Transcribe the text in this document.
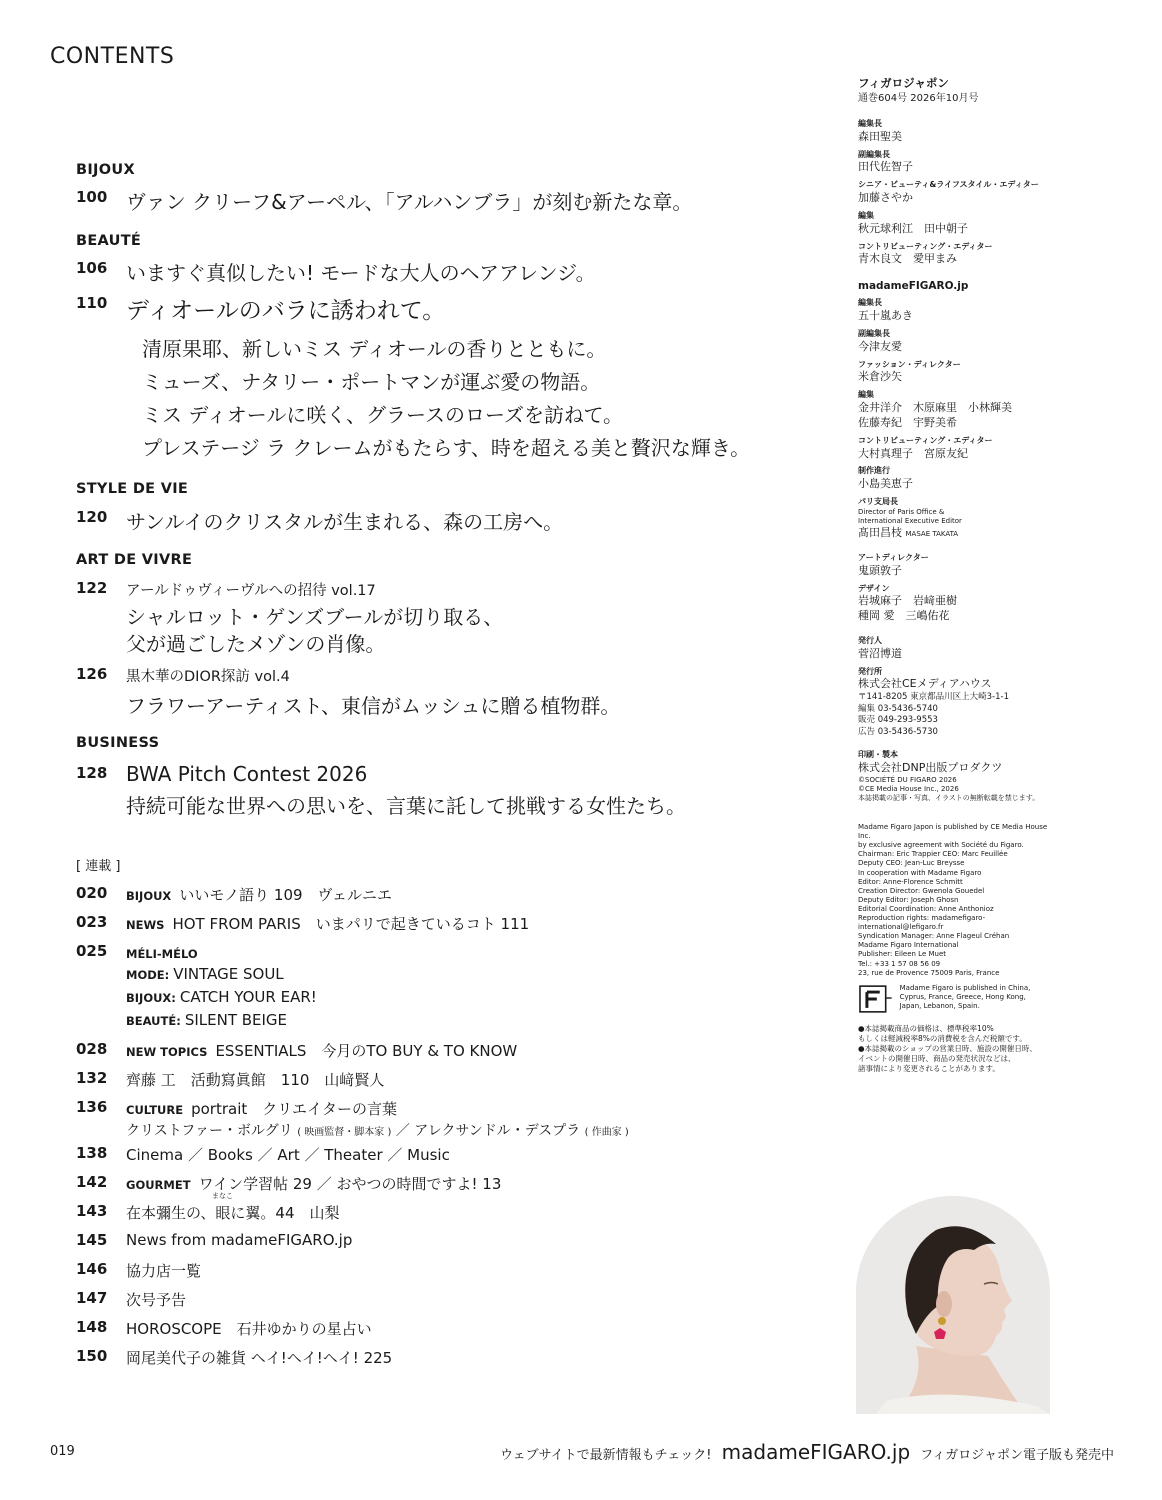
CONTENTS
BIJOUX
100 ヴァン クリーフ&アーペル、「アルハンブラ」が刻む新たな章。
BEAUTÉ
106 いますぐ真似したい! モードな大人のヘアアレンジ。
110 ディオールのバラに誘われて。
清原果耶、新しいミス ディオールの香りとともに。
ミューズ、ナタリー・ポートマンが運ぶ愛の物語。
ミス ディオールに咲く、グラースのローズを訪ねて。
プレステージ ラ クレームがもたらす、時を超える美と贅沢な輝き。
STYLE DE VIE
120 サンルイのクリスタルが生まれる、森の工房へ。
ART DE VIVRE
122 アールドゥヴィーヴルへの招待 vol.17
シャルロット・ゲンズブールが切り取る、
父が過ごしたメゾンの肖像。
126 黒木華のDIOR探訪 vol.4
フラワーアーティスト、東信がムッシュに贈る植物群。
BUSINESS
128 BWA Pitch Contest 2026
持続可能な世界への思いを、言葉に託して挑戦する女性たち。
[ 連載 ]
020 BIJOUX いいモノ語り 109　ヴェルニエ
023 NEWS HOT FROM PARIS　いまパリで起きているコト 111
025 MÉLI-MÉLO
MODE: VINTAGE SOUL
BIJOUX: CATCH YOUR EAR!
BEAUTÉ: SILENT BEIGE
028 NEW TOPICS ESSENTIALS　今月のTO BUY & TO KNOW
132 齊藤 工　活動寫眞館　110　山﨑賢人
136 CULTURE portrait　クリエイターの言葉
クリストファー・ボルグリ ( 映画監督・脚本家 ) ／ アレクサンドル・デスプラ ( 作曲家 )
138 Cinema ／ Books ／ Art ／ Theater ／ Music
142 GOURMET ワイン学習帖 29 ／ おやつの時間ですよ! 13
143
まなこ
在本彌生の、眼に翼。44　山梨
145 News from madameFIGARO.jp
146 協力店一覧
147 次号予告
148 HOROSCOPE　石井ゆかりの星占い
150 岡尾美代子の雑貨 ヘイ!ヘイ!ヘイ! 225
フィガロジャポン
通巻604号 2026年10月号
編集長
森田聖美
副編集長
田代佐智子
シニア・ビューティ&ライフスタイル・エディター
加藤さやか
編集
秋元球利江　田中朝子
コントリビューティング・エディター
青木良文　愛甲まみ
madameFIGARO.jp
編集長
五十嵐あき
副編集長
今津友愛
ファッション・ディレクター
米倉沙矢
編集
金井洋介　木原麻里　小林輝美
佐藤寿紀　宇野美希
コントリビューティング・エディター
大村真理子　宮原友紀
制作進行
小島美恵子
パリ支局長
Director of Paris Office & International Executive Editor
髙田昌枝 MASAE TAKATA
アートディレクター
鬼頭敦子
デザイン
岩城麻子　岩﨑亜樹
種岡 愛　三嶋佑花
発行人
菅沼博道
発行所
株式会社CEメディアハウス
〒141-8205 東京都品川区上大崎3-1-1
編集 03-5436-5740
販売 049-293-9553
広告 03-5436-5730
印刷・製本
株式会社DNP出版プロダクツ
©SOCIÉTÉ DU FIGARO 2026
©CE Media House Inc., 2026
本誌掲載の記事・写真、イラストの無断転載を禁じます。
Madame Figaro Japon is published by CE Media House Inc.
by exclusive agreement with Société du Figaro.
Chairman: Eric Trappier CEO: Marc Feuillée
Deputy CEO: Jean-Luc Breysse
In cooperation with Madame Figaro
Editor: Anne-Florence Schmitt
Creation Director: Gwenola Gouedel
Deputy Editor: Joseph Ghosn
Editorial Coordination: Anne Anthoniоz
Reproduction rights: madamefigaro-international@lefigaro.fr
Syndication Manager: Anne Flageul Créhan
Madame Figaro International
Publisher: Eileen Le Muet
Tel.: +33 1 57 08 56 09
23, rue de Provence 75009 Paris, France
Madame Figaro is published in China, Cyprus, France, Greece, Hong Kong, Japan, Lebanon, Spain.
●本誌掲載商品の価格は、標準税率10%
もしくは軽減税率8%の消費税を含んだ税額です。
●本誌掲載のショップの営業日時、施設の開催日時、
イベントの開催日時、商品の発売状況などは、
諸事情により変更されることがあります。
019	ウェブサイトで最新情報もチェック! madameFIGARO.jp フィガロジャポン電子版も発売中
